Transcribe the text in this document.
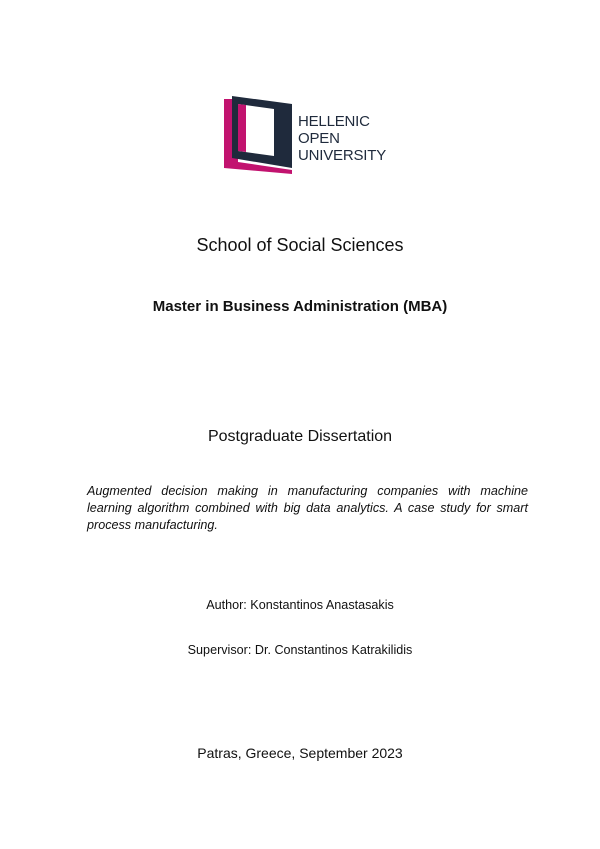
HELLENIC
OPEN
UNIVERSITY
School of Social Sciences
Master in Business Administration (MBA)
Postgraduate Dissertation
Augmented decision making in manufacturing companies with machine learning algorithm combined with big data analytics. A case study for smart process manufacturing.
Author: Konstantinos Anastasakis
Supervisor: Dr. Constantinos Katrakilidis
Patras, Greece, September 2023
